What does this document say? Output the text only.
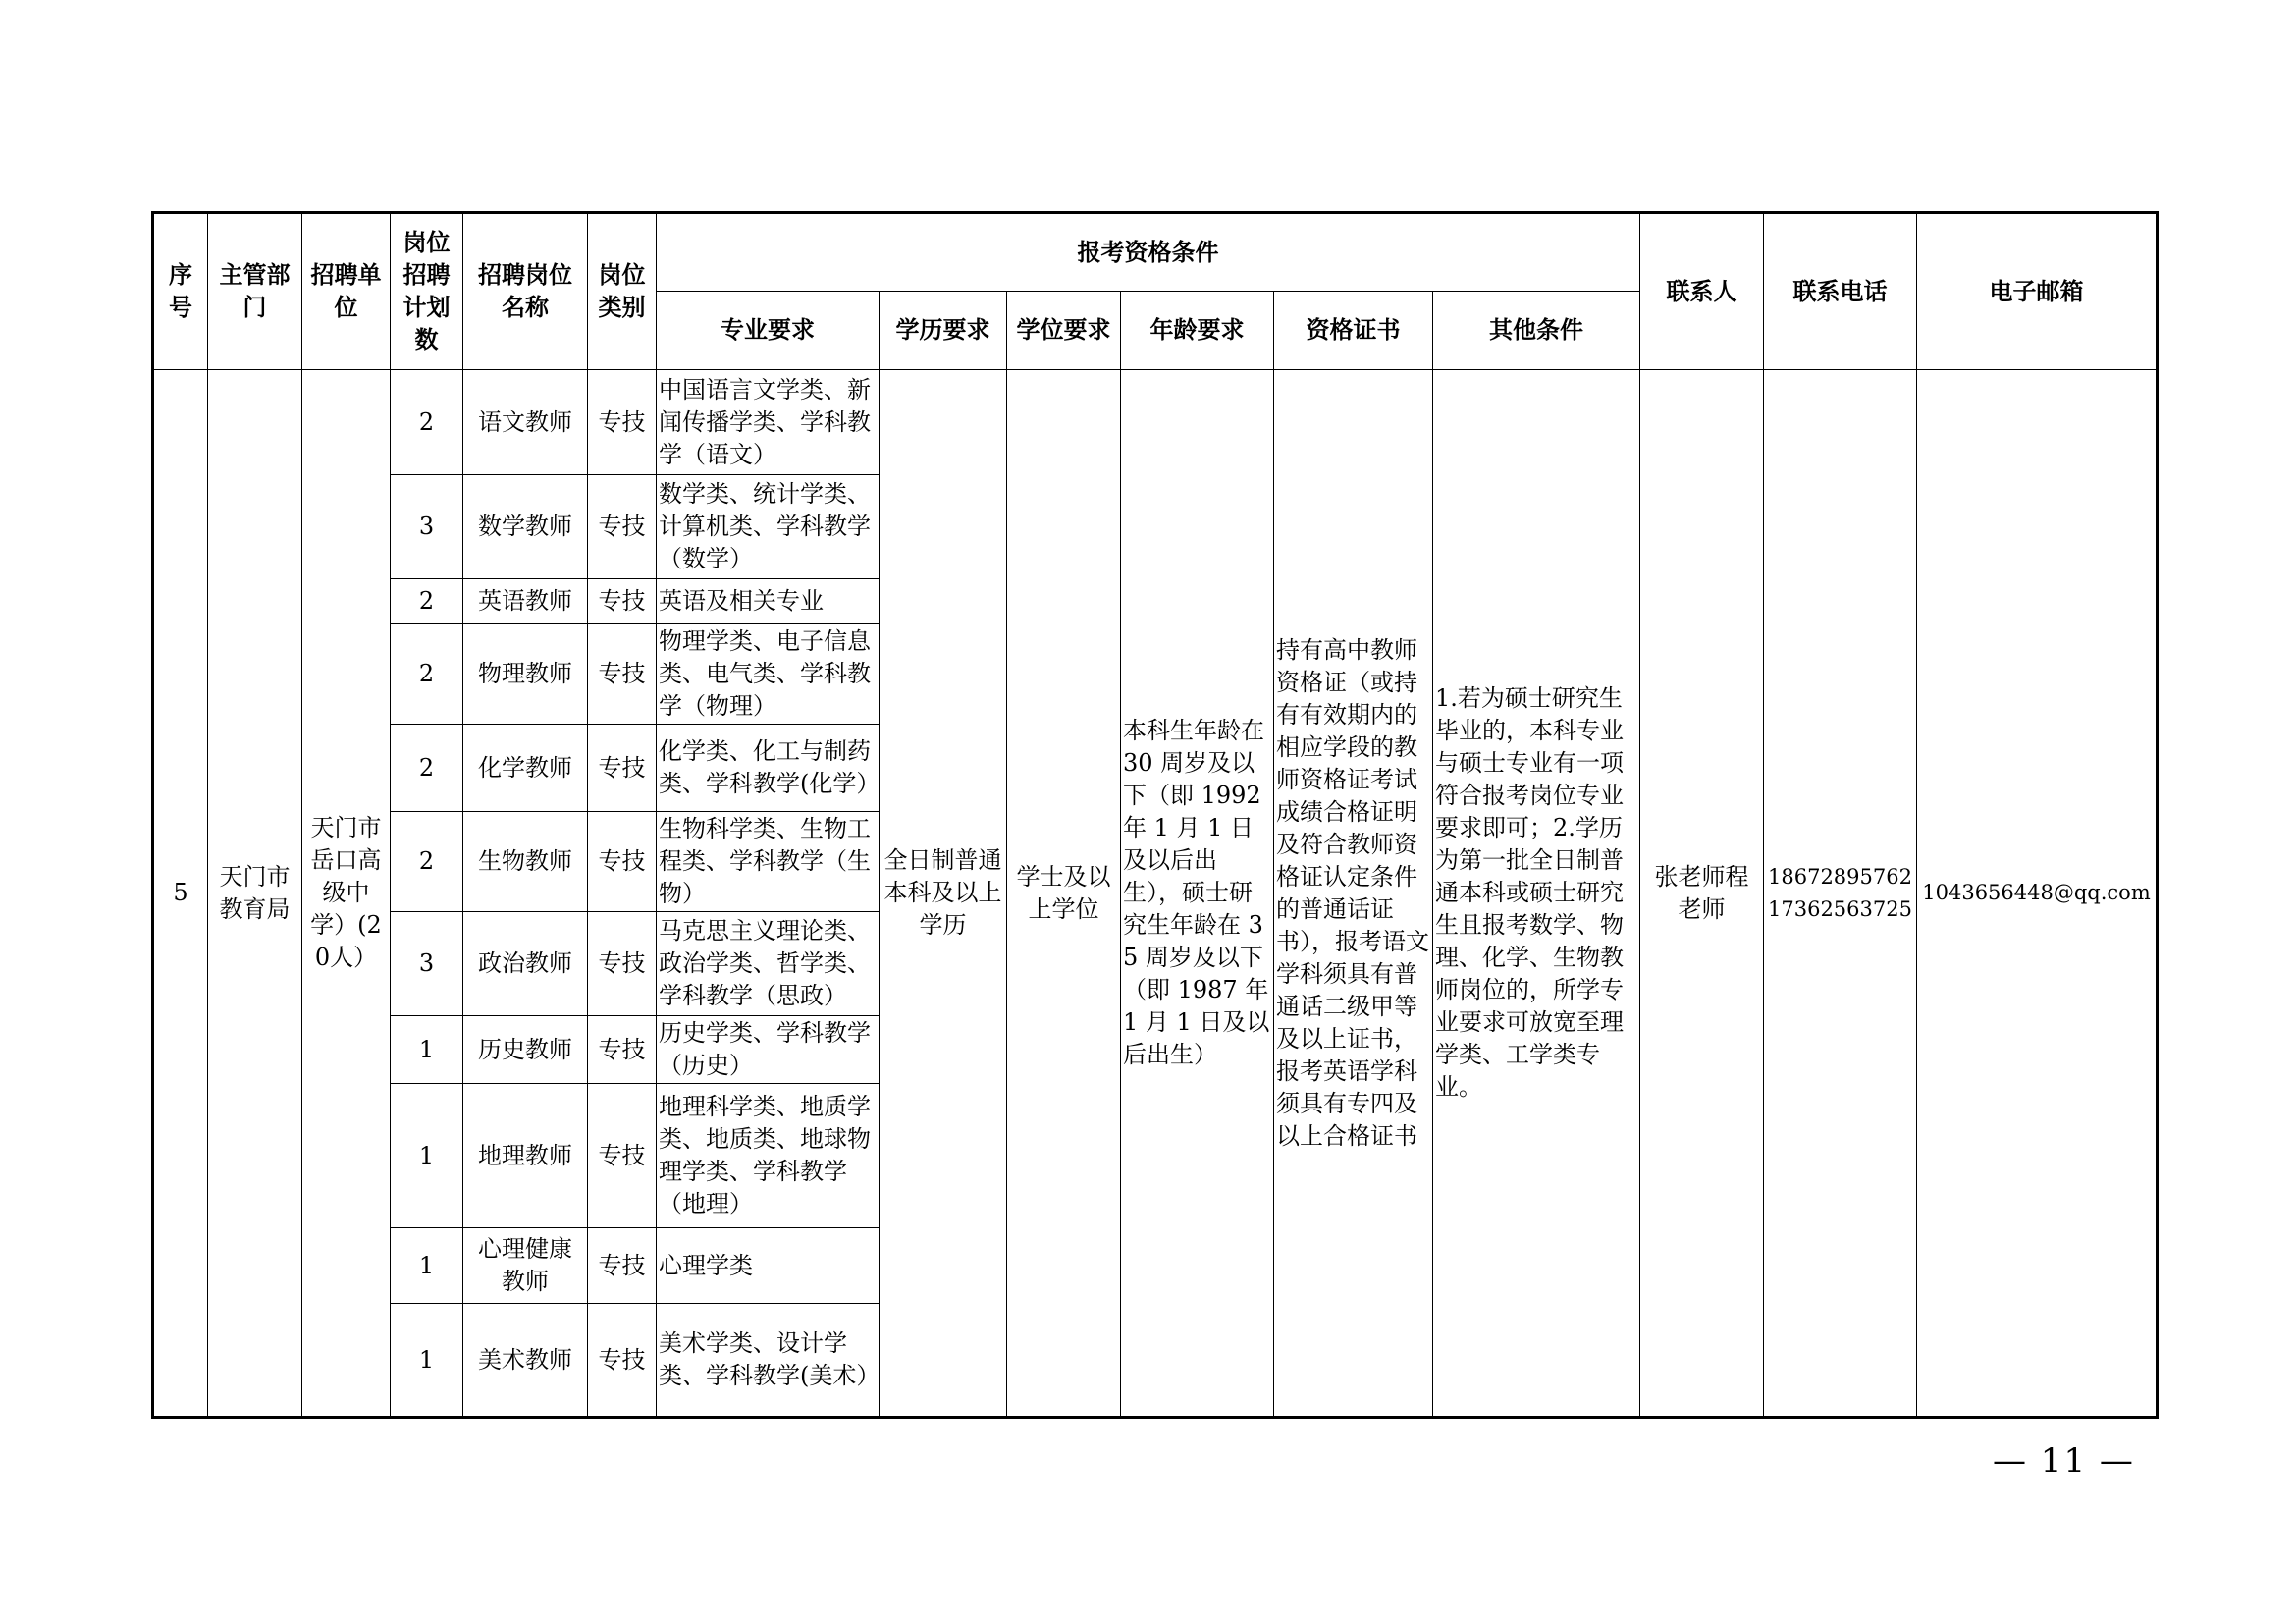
序号	主管部门	招聘单位	岗位招聘计划数	招聘岗位名称	岗位类别	报考资格条件						联系人	联系电话	电子邮箱
						专业要求	学历要求	学位要求	年龄要求	资格证书	其他条件			
5	天门市教育局	天门市岳口高级中学）(20人）	2	语文教师	专技	中国语言文学类、新闻传播学类、学科教学（语文）	全日制普通本科及以上学历	学士及以上学位	本科生年龄在 30 周岁及以下（即 1992 年 1 月 1 日及以后出生），硕士研究生年龄在 35 周岁及以下（即 1987 年 1 月 1 日及以后出生）	持有高中教师资格证（或持有有效期内的相应学段的教师资格证考试成绩合格证明及符合教师资格证认定条件的普通话证书），报考语文学科须具有普通话二级甲等及以上证书，报考英语学科须具有专四及以上合格证书	1.若为硕士研究生毕业的，本科专业与硕士专业有一项符合报考岗位专业要求即可；2.学历为第一批全日制普通本科或硕士研究生且报考数学、物理、化学、生物教师岗位的，所学专业要求可放宽至理学类、工学类专业。	张老师程老师	18672895762 17362563725	1043656448@qq.com
			3	数学教师	专技	数学类、统计学类、计算机类、学科教学（数学）								
			2	英语教师	专技	英语及相关专业								
			2	物理教师	专技	物理学类、电子信息类、电气类、学科教学（物理）								
			2	化学教师	专技	化学类、化工与制药类、学科教学(化学）								
			2	生物教师	专技	生物科学类、生物工程类、学科教学（生物）								
			3	政治教师	专技	马克思主义理论类、政治学类、哲学类、学科教学（思政）								
			1	历史教师	专技	历史学类、学科教学（历史）								
			1	地理教师	专技	地理科学类、地质学类、地质类、地球物理学类、学科教学（地理）								
			1	心理健康教师	专技	心理学类								
			1	美术教师	专技	美术学类、设计学类、学科教学(美术）								
— 11 —
